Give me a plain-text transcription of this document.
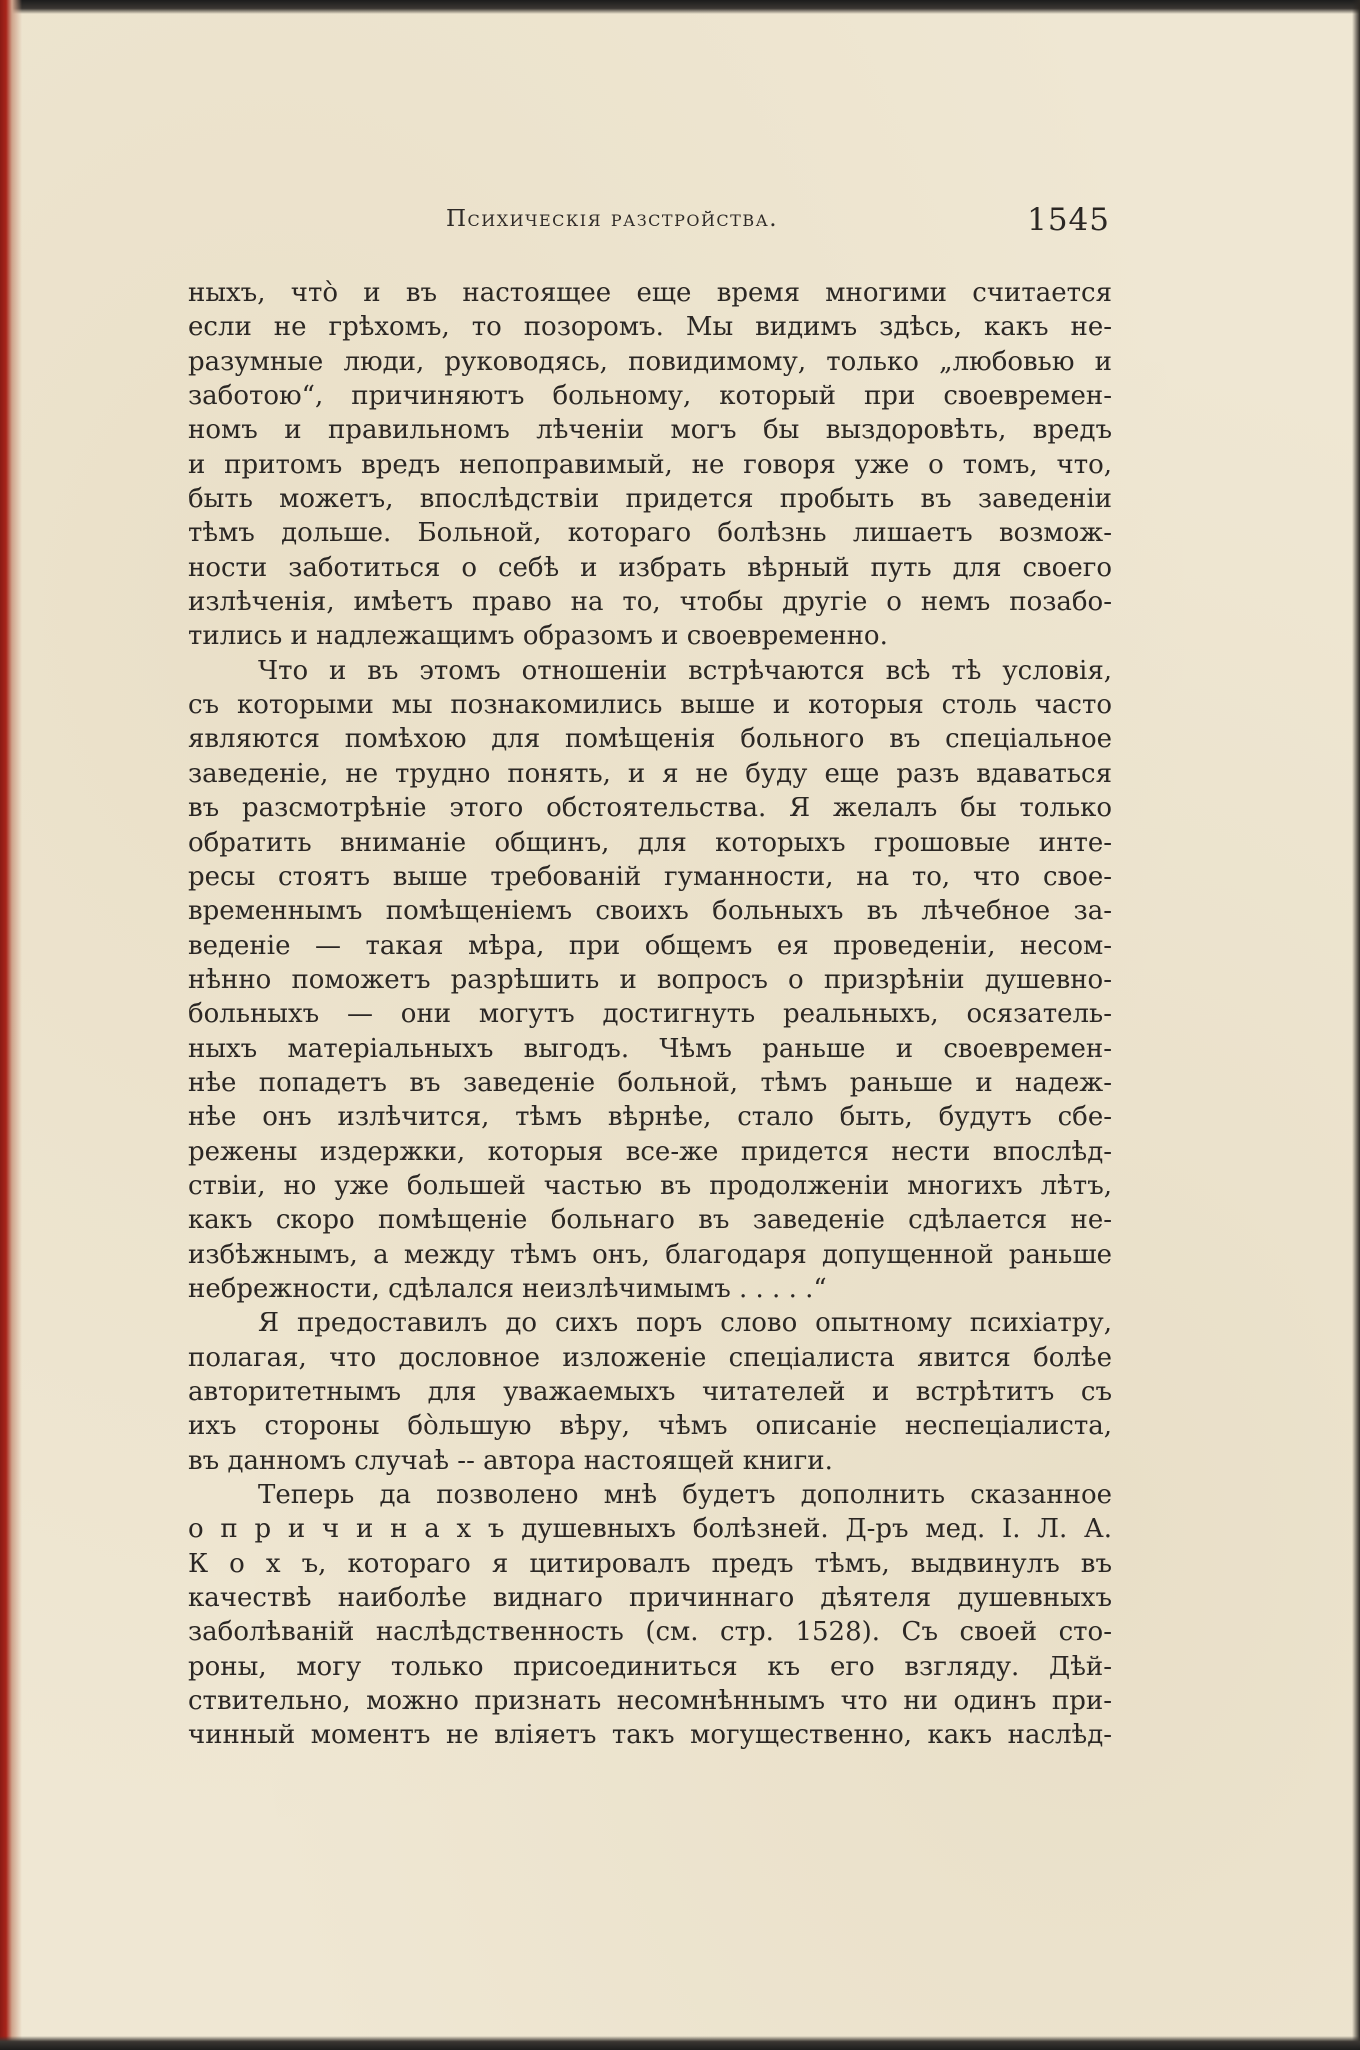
Психическія разстройства.	1545
ныхъ, что̀ и въ настоящее еще время многими считается
если не грѣхомъ, то позоромъ. Мы видимъ здѣсь, какъ не-
разумные люди, руководясь, повидимому, только „любовью и
заботою“, причиняютъ больному, который при своевремен-
номъ и правильномъ лѣченіи могъ бы выздоровѣть, вредъ
и притомъ вредъ непоправимый, не говоря уже о томъ, что,
быть можетъ, впослѣдствіи придется пробыть въ заведеніи
тѣмъ дольше. Больной, котораго болѣзнь лишаетъ возмож-
ности заботиться о себѣ и избрать вѣрный путь для своего
излѣченія, имѣетъ право на то, чтобы другіе о немъ позабо-
тились и надлежащимъ образомъ и своевременно.
Что и въ этомъ отношеніи встрѣчаются всѣ тѣ условія,
съ которыми мы познакомились выше и которыя столь часто
являются помѣхою для помѣщенія больного въ спеціальное
заведеніе, не трудно понять, и я не буду еще разъ вдаваться
въ разсмотрѣніе этого обстоятельства. Я желалъ бы только
обратить вниманіе общинъ, для которыхъ грошовые инте-
ресы стоятъ выше требованій гуманности, на то, что свое-
временнымъ помѣщеніемъ своихъ больныхъ въ лѣчебное за-
веденіе — такая мѣра, при общемъ ея проведеніи, несом-
нѣнно поможетъ разрѣшить и вопросъ о призрѣніи душевно-
больныхъ — они могутъ достигнуть реальныхъ, осязатель-
ныхъ матеріальныхъ выгодъ. Чѣмъ раньше и своевремен-
нѣе попадетъ въ заведеніе больной, тѣмъ раньше и надеж-
нѣе онъ излѣчится, тѣмъ вѣрнѣе, стало быть, будутъ сбе-
режены издержки, которыя все-же придется нести впослѣд-
ствіи, но уже большей частью въ продолженіи многихъ лѣтъ,
какъ скоро помѣщеніе больнаго въ заведеніе сдѣлается не-
избѣжнымъ, а между тѣмъ онъ, благодаря допущенной раньше
небрежности, сдѣлался неизлѣчимымъ . . . . .“
Я предоставилъ до сихъ поръ слово опытному психіатру,
полагая, что дословное изложеніе спеціалиста явится болѣе
авторитетнымъ для уважаемыхъ читателей и встрѣтитъ съ
ихъ стороны бо̀льшую вѣру, чѣмъ описаніе неспеціалиста,
въ данномъ случаѣ -- автора настоящей книги.
Теперь да позволено мнѣ будетъ дополнить сказанное
о п р и ч и н а х ъ душевныхъ болѣзней. Д-ръ мед. I. Л. А.
К о х ъ, котораго я цитировалъ предъ тѣмъ, выдвинулъ въ
качествѣ наиболѣе виднаго причиннаго дѣятеля душевныхъ
заболѣваній наслѣдственность (см. стр. 1528). Съ своей сто-
роны, могу только присоединиться къ его взгляду. Дѣй-
ствительно, можно признать несомнѣннымъ что ни одинъ при-
чинный моментъ не вліяетъ такъ могущественно, какъ наслѣд-
